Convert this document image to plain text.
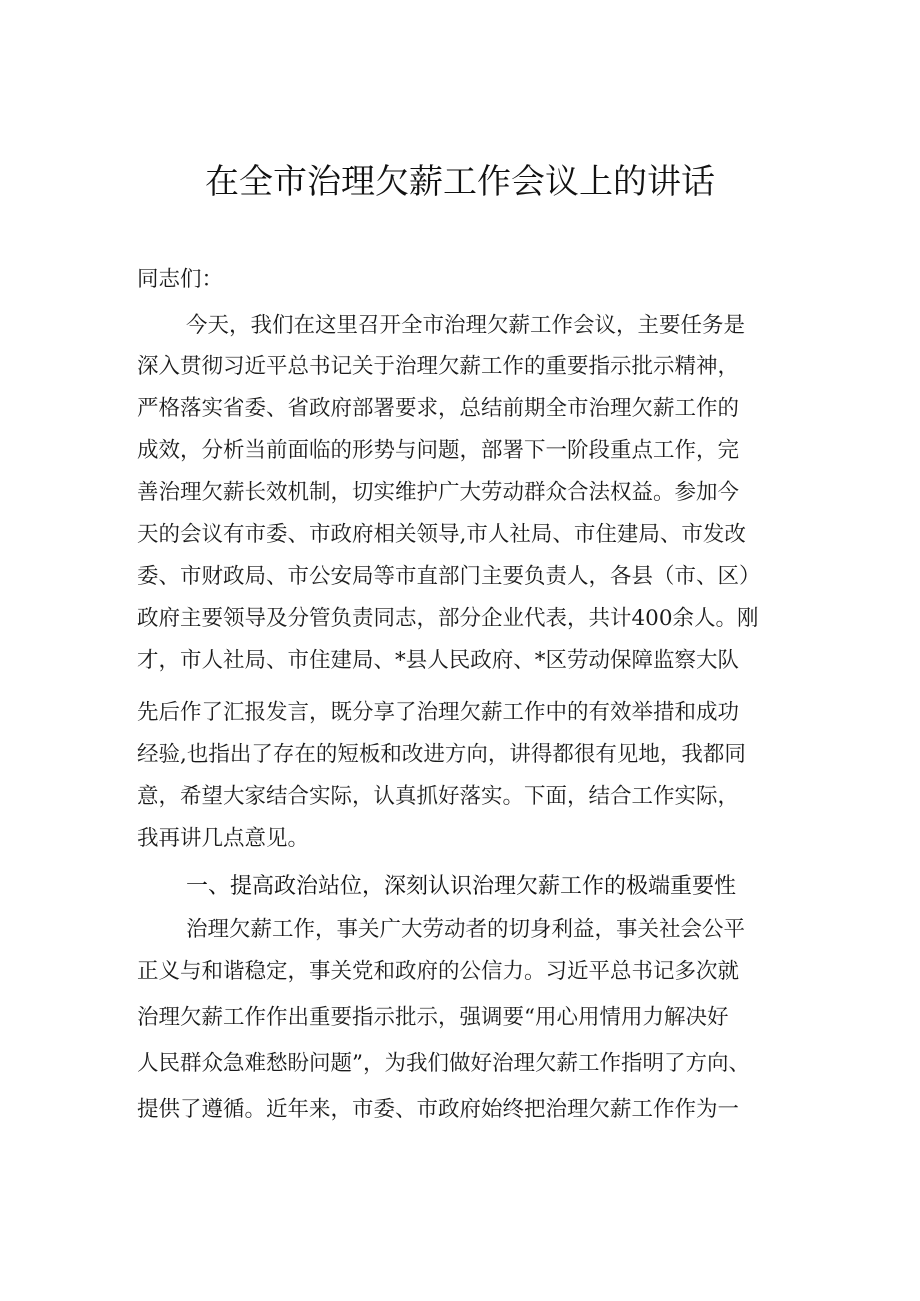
在全市治理欠薪工作会议上的讲话
同志们：
今天，我们在这里召开全市治理欠薪工作会议，主要任务是
深入贯彻习近平总书记关于治理欠薪工作的重要指示批示精神，
严格落实省委、省政府部署要求，总结前期全市治理欠薪工作的
成效，分析当前面临的形势与问题，部署下一阶段重点工作，完
善治理欠薪长效机制，切实维护广大劳动群众合法权益。参加今
天的会议有市委、市政府相关领导,市人社局、市住建局、市发改
委、市财政局、市公安局等市直部门主要负责人，各县（市、区）
政府主要领导及分管负责同志，部分企业代表，共计400余人。刚
才，市人社局、市住建局、*县人民政府、*区劳动保障监察大队
先后作了汇报发言，既分享了治理欠薪工作中的有效举措和成功
经验,也指出了存在的短板和改进方向，讲得都很有见地，我都同
意，希望大家结合实际，认真抓好落实。下面，结合工作实际，
我再讲几点意见。
一、提高政治站位，深刻认识治理欠薪工作的极端重要性
治理欠薪工作，事关广大劳动者的切身利益，事关社会公平
正义与和谐稳定，事关党和政府的公信力。习近平总书记多次就
治理欠薪工作作出重要指示批示，强调要“用心用情用力解决好
人民群众急难愁盼问题”，为我们做好治理欠薪工作指明了方向、
提供了遵循。近年来，市委、市政府始终把治理欠薪工作作为一
